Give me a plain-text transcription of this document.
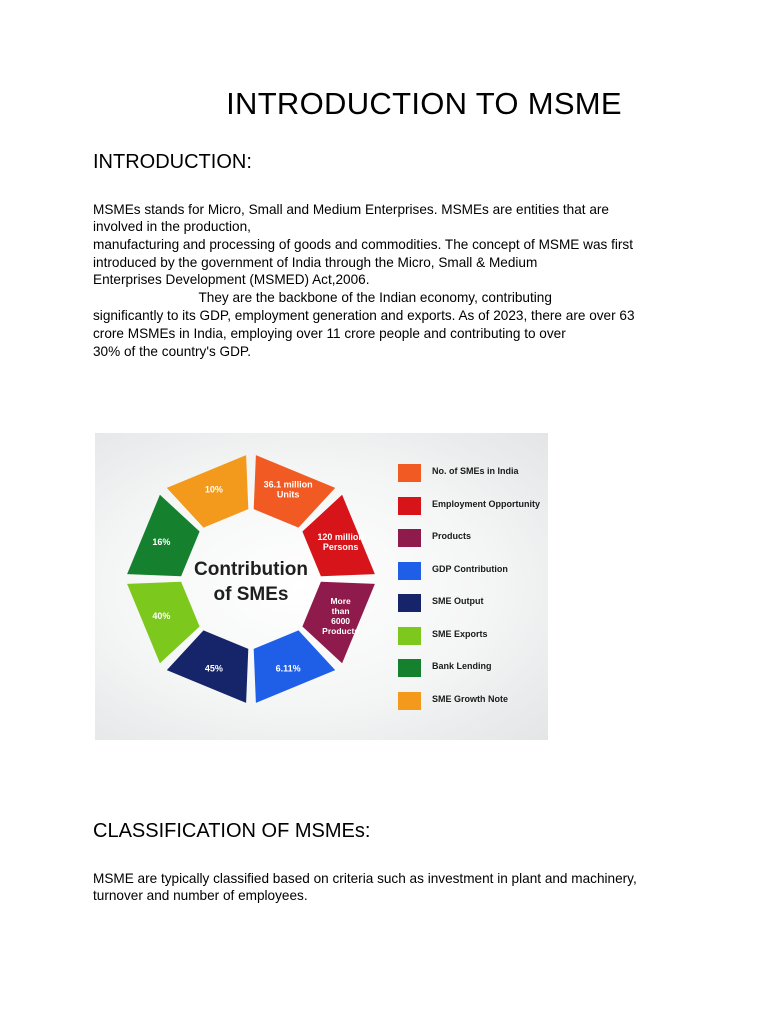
INTRODUCTION TO MSME
INTRODUCTION:
MSMEs stands for Micro, Small and Medium Enterprises. MSMEs are entities that are
involved in the production,
manufacturing and processing of goods and commodities. The concept of MSME was first
introduced by the government of India through the Micro, Small & Medium
Enterprises Development (MSMED) Act,2006.
They are the backbone of the Indian economy, contributing
significantly to its GDP, employment generation and exports. As of 2023, there are over 63
crore MSMEs in India, employing over 11 crore people and contributing to over
30% of the country's GDP.
36.1 million Units
120 million Persons
More than 6000 Products
6.11%
45%
40%
16%
10%
Contribution of SMEs
No. of SMEs in India
Employment Opportunity
Products
GDP Contribution
SME Output
SME Exports
Bank Lending
SME Growth Note
CLASSIFICATION OF MSMEs:
MSME are typically classified based on criteria such as investment in plant and machinery,
turnover and number of employees.
